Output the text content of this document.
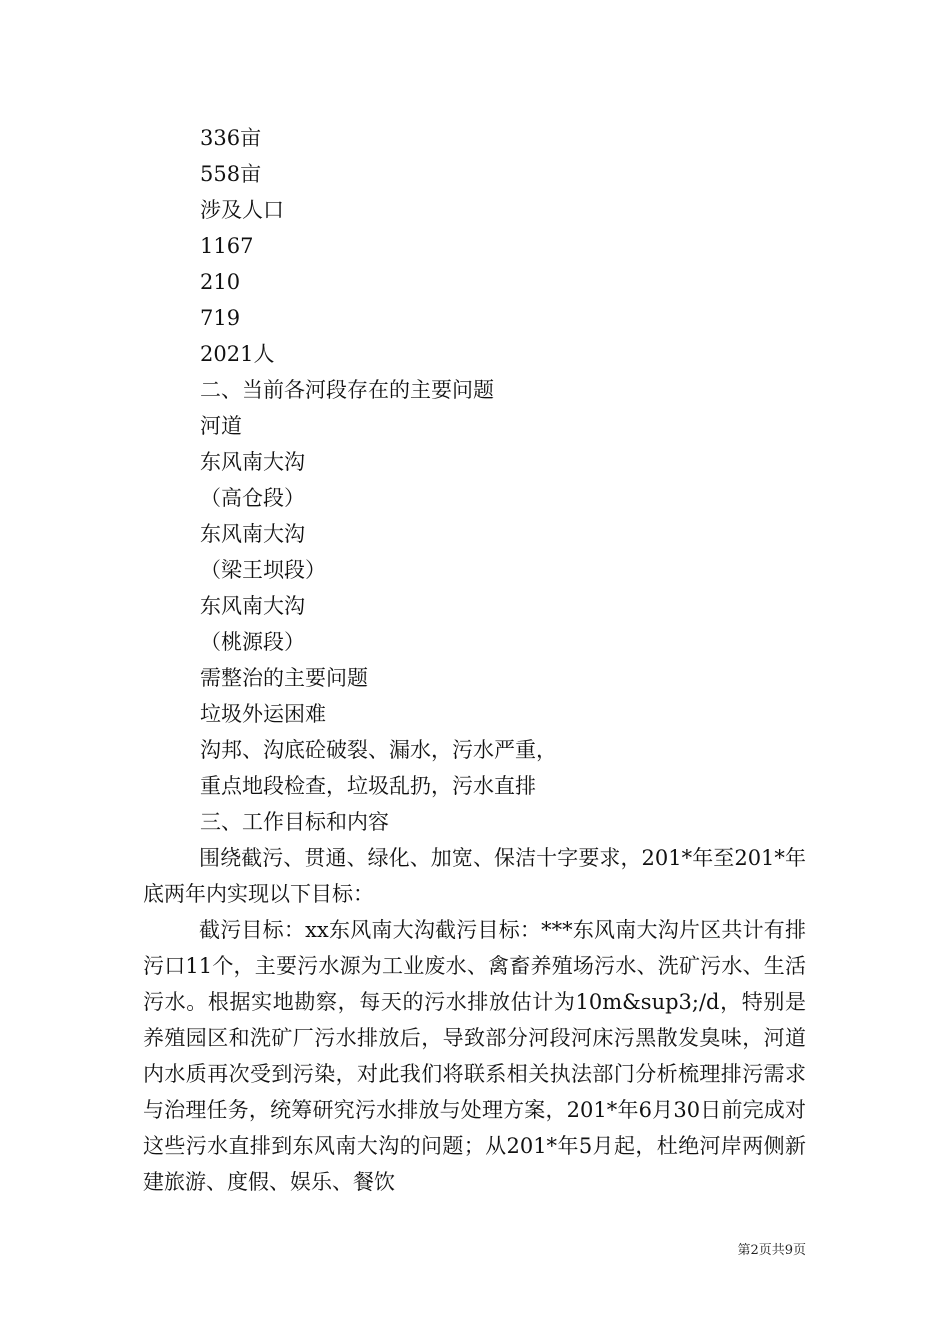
336亩
558亩
涉及人口
1167
210
719
2021人
二、当前各河段存在的主要问题
河道
东风南大沟
（高仓段）
东风南大沟
（梁王坝段）
东风南大沟
（桃源段）
需整治的主要问题
垃圾外运困难
沟邦、沟底砼破裂、漏水，污水严重，
重点地段检查，垃圾乱扔，污水直排
三、工作目标和内容

围绕截污、贯通、绿化、加宽、保洁十字要求，201*年至201*年底两年内实现以下目标：

截污目标：xx东风南大沟截污目标：***东风南大沟片区共计有排污口11个，主要污水源为工业废水、禽畜养殖场污水、洗矿污水、生活污水。根据实地勘察，每天的污水排放估计为10m&sup3;/d，特别是养殖园区和洗矿厂污水排放后，导致部分河段河床污黑散发臭味，河道内水质再次受到污染，对此我们将联系相关执法部门分析梳理排污需求与治理任务，统筹研究污水排放与处理方案，201*年6月30日前完成对这些污水直排到东风南大沟的问题；从201*年5月起，杜绝河岸两侧新建旅游、度假、娱乐、餐饮

第2页共9页
